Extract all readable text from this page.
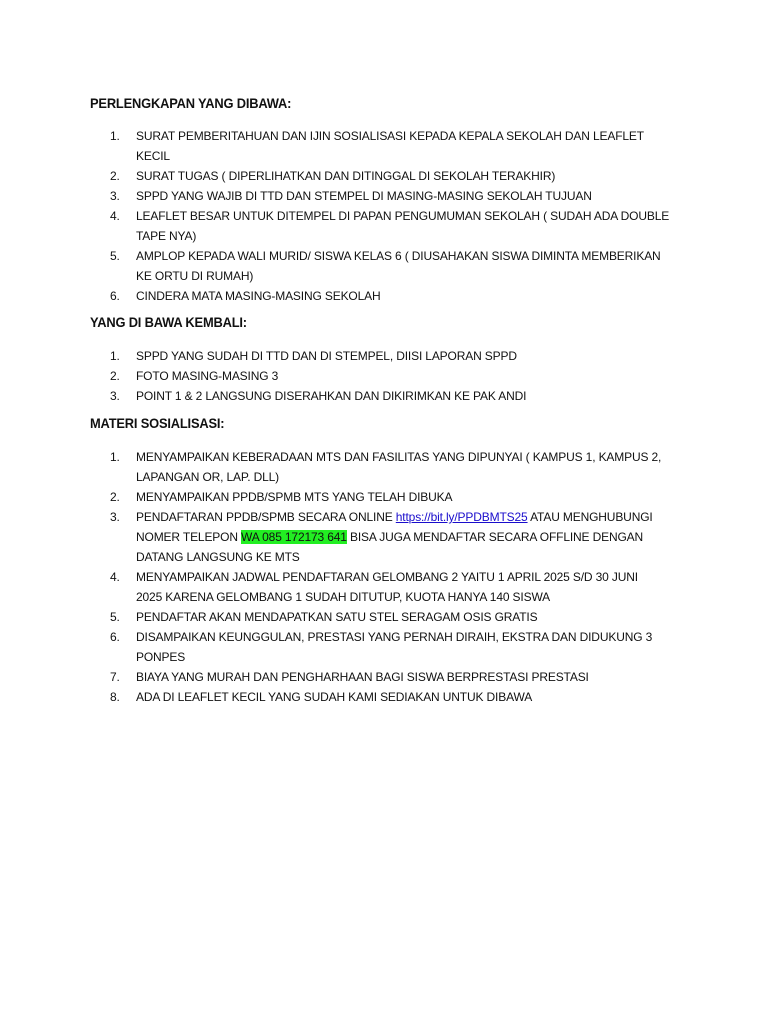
PERLENGKAPAN YANG DIBAWA:
1.	SURAT PEMBERITAHUAN DAN IJIN SOSIALISASI KEPADA KEPALA SEKOLAH DAN LEAFLET KECIL
2.	SURAT TUGAS ( DIPERLIHATKAN DAN DITINGGAL DI SEKOLAH TERAKHIR)
3.	SPPD YANG WAJIB DI TTD DAN STEMPEL DI MASING-MASING SEKOLAH TUJUAN
4.	LEAFLET BESAR UNTUK DITEMPEL DI PAPAN PENGUMUMAN SEKOLAH ( SUDAH ADA DOUBLE
TAPE NYA)
5.	AMPLOP KEPADA WALI MURID/ SISWA KELAS 6 ( DIUSAHAKAN SISWA DIMINTA MEMBERIKAN
KE ORTU DI RUMAH)
6.	CINDERA MATA MASING-MASING SEKOLAH
YANG DI BAWA KEMBALI:
1.	SPPD YANG SUDAH DI TTD DAN DI STEMPEL, DIISI LAPORAN SPPD
2.	FOTO MASING-MASING 3
3.	POINT 1 & 2 LANGSUNG DISERAHKAN DAN DIKIRIMKAN KE PAK ANDI
MATERI SOSIALISASI:
1.	MENYAMPAIKAN KEBERADAAN MTS DAN FASILITAS YANG DIPUNYAI ( KAMPUS 1, KAMPUS 2,
LAPANGAN OR, LAP. DLL)
2.	MENYAMPAIKAN PPDB/SPMB MTS YANG TELAH DIBUKA
3.	PENDAFTARAN PPDB/SPMB SECARA ONLINE https://bit.ly/PPDBMTS25 ATAU MENGHUBUNGI
NOMER TELEPON WA 085 172173 641 BISA JUGA MENDAFTAR SECARA OFFLINE DENGAN
DATANG LANGSUNG KE MTS
4.	MENYAMPAIKAN JADWAL PENDAFTARAN GELOMBANG 2 YAITU 1 APRIL 2025 S/D 30 JUNI
2025 KARENA GELOMBANG 1 SUDAH DITUTUP, KUOTA HANYA 140 SISWA
5.	PENDAFTAR AKAN MENDAPATKAN SATU STEL SERAGAM OSIS GRATIS
6.	DISAMPAIKAN KEUNGGULAN, PRESTASI YANG PERNAH DIRAIH, EKSTRA DAN DIDUKUNG 3
PONPES
7.	BIAYA YANG MURAH DAN PENGHARHAAN BAGI SISWA BERPRESTASI PRESTASI
8.	ADA DI LEAFLET KECIL YANG SUDAH KAMI SEDIAKAN UNTUK DIBAWA
